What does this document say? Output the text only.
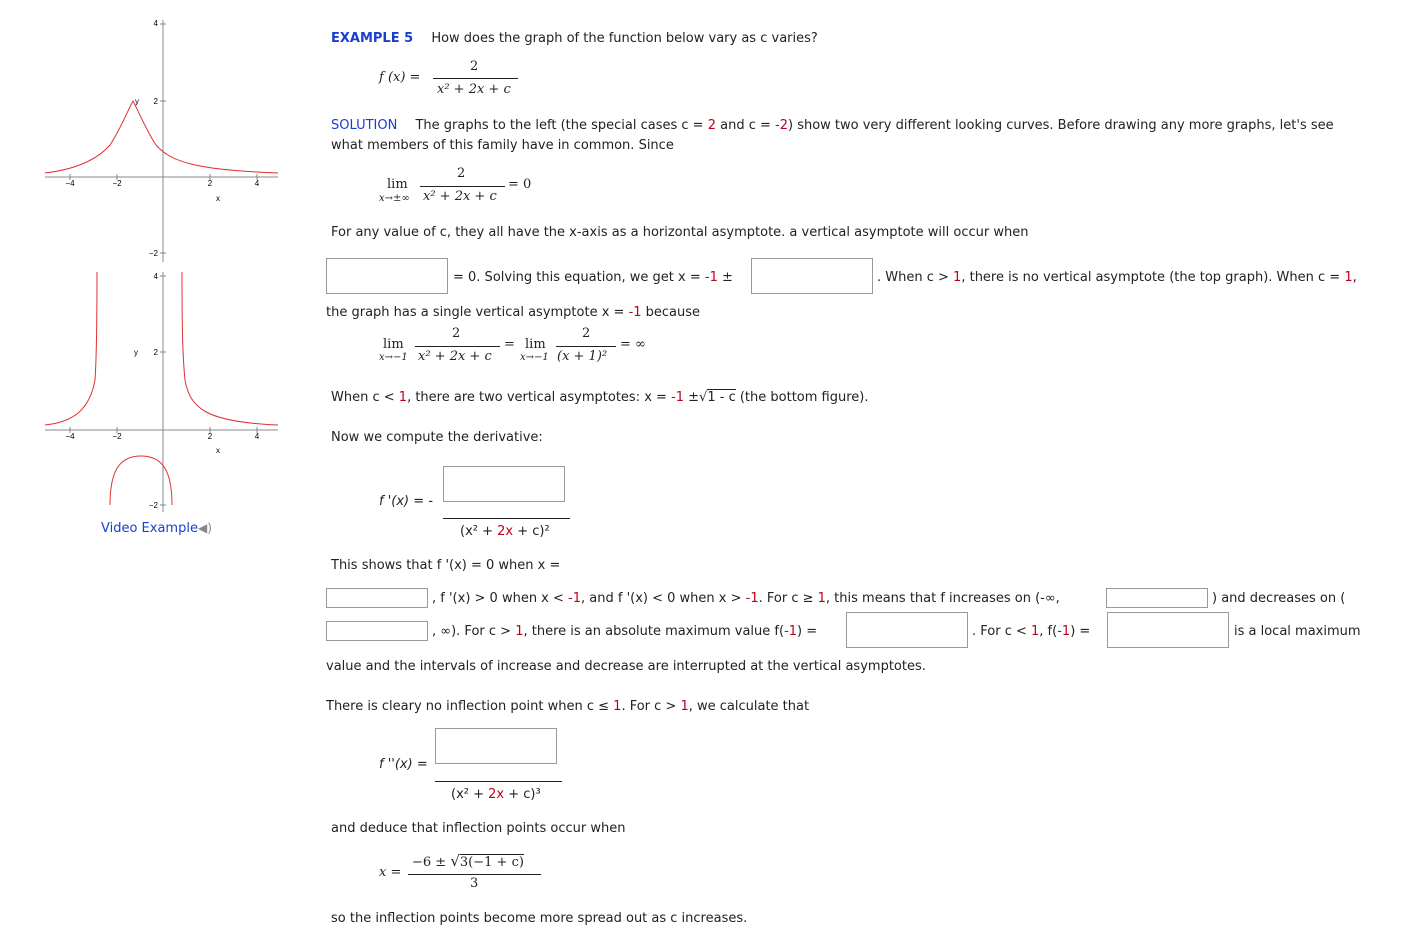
−4	−2	2	4
4
2
−2
x
y
−4	−2	2	4
4
2
−2
x
y
Video Example◀)
EXAMPLE 5 How does the graph of the function below vary as c varies?
f (x) =
2
x² + 2x + c
SOLUTION The graphs to the left (the special cases c = 2 and c = -2) show two very different looking curves. Before drawing any more graphs, let's see
what members of this family have in common. Since
lim
x→±∞
2
x² + 2x + c
= 0
For any value of c, they all have the x-axis as a horizontal asymptote. a vertical asymptote will occur when
= 0. Solving this equation, we get x = -1 ±	. When c > 1, there is no vertical asymptote (the top graph). When c = 1,
the graph has a single vertical asymptote x = -1 because
lim
x→−1
2
x² + 2x + c
= lim
x→−1
2
(x + 1)²
= ∞
When c < 1, there are two vertical asymptotes: x = -1 ±√1 - c (the bottom figure).
Now we compute the derivative:
f '(x) = -
(x² + 2x + c)²
This shows that f '(x) = 0 when x =
, f '(x) > 0 when x < -1, and f '(x) < 0 when x > -1. For c ≥ 1, this means that f increases on (-∞,	) and decreases on (
, ∞). For c > 1, there is an absolute maximum value f(-1) =	. For c < 1, f(-1) =	is a local maximum
value and the intervals of increase and decrease are interrupted at the vertical asymptotes.
There is cleary no inflection point when c ≤ 1. For c > 1, we calculate that
f ''(x) =
(x² + 2x + c)³
and deduce that inflection points occur when
x =
−6 ± √3(−1 + c)
3
so the inflection points become more spread out as c increases.
